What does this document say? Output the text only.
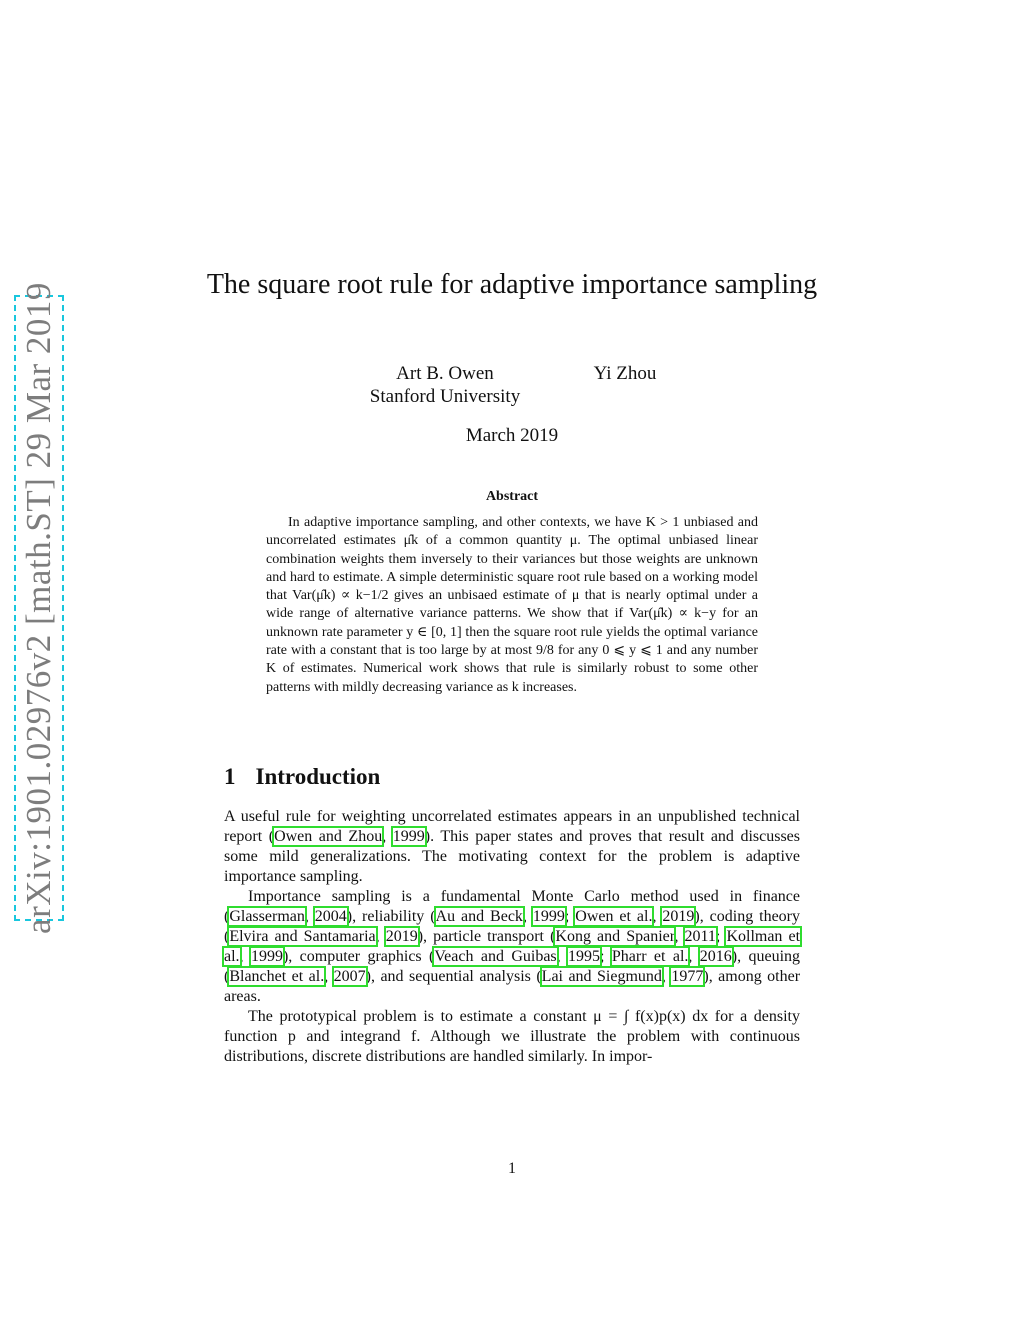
arXiv:1901.02976v2 [math.ST] 29 Mar 2019	The square root rule for adaptive importance sampling
Art B. Owen
Stanford University
Yi Zhou
March 2019
Abstract

In adaptive importance sampling, and other contexts, we have K > 1 unbiased and uncorrelated estimates μ̂k of a common quantity μ. The optimal unbiased linear combination weights them inversely to their variances but those weights are unknown and hard to estimate. A simple deterministic square root rule based on a working model that Var(μ̂k) ∝ k−1/2 gives an unbisaed estimate of μ that is nearly optimal under a wide range of alternative variance patterns. We show that if Var(μ̂k) ∝ k−y for an unknown rate parameter y ∈ [0, 1] then the square root rule yields the optimal variance rate with a constant that is too large by at most 9/8 for any 0 ⩽ y ⩽ 1 and any number K of estimates. Numerical work shows that rule is similarly robust to some other patterns with mildly decreasing variance as k increases.

1 Introduction

A useful rule for weighting uncorrelated estimates appears in an unpublished technical report (Owen and Zhou, 1999). This paper states and proves that result and discusses some mild generalizations. The motivating context for the problem is adaptive importance sampling.

Importance sampling is a fundamental Monte Carlo method used in finance (Glasserman, 2004), reliability (Au and Beck, 1999; Owen et al., 2019), coding theory (Elvira and Santamaria, 2019), particle transport (Kong and Spanier, 2011; Kollman et al., 1999), computer graphics (Veach and Guibas, 1995; Pharr et al., 2016), queuing (Blanchet et al., 2007), and sequential analysis (Lai and Siegmund, 1977), among other areas.

The prototypical problem is to estimate a constant μ = ∫ f(x)p(x) dx for a density function p and integrand f. Although we illustrate the problem with continuous distributions, discrete distributions are handled similarly. In impor-

1
